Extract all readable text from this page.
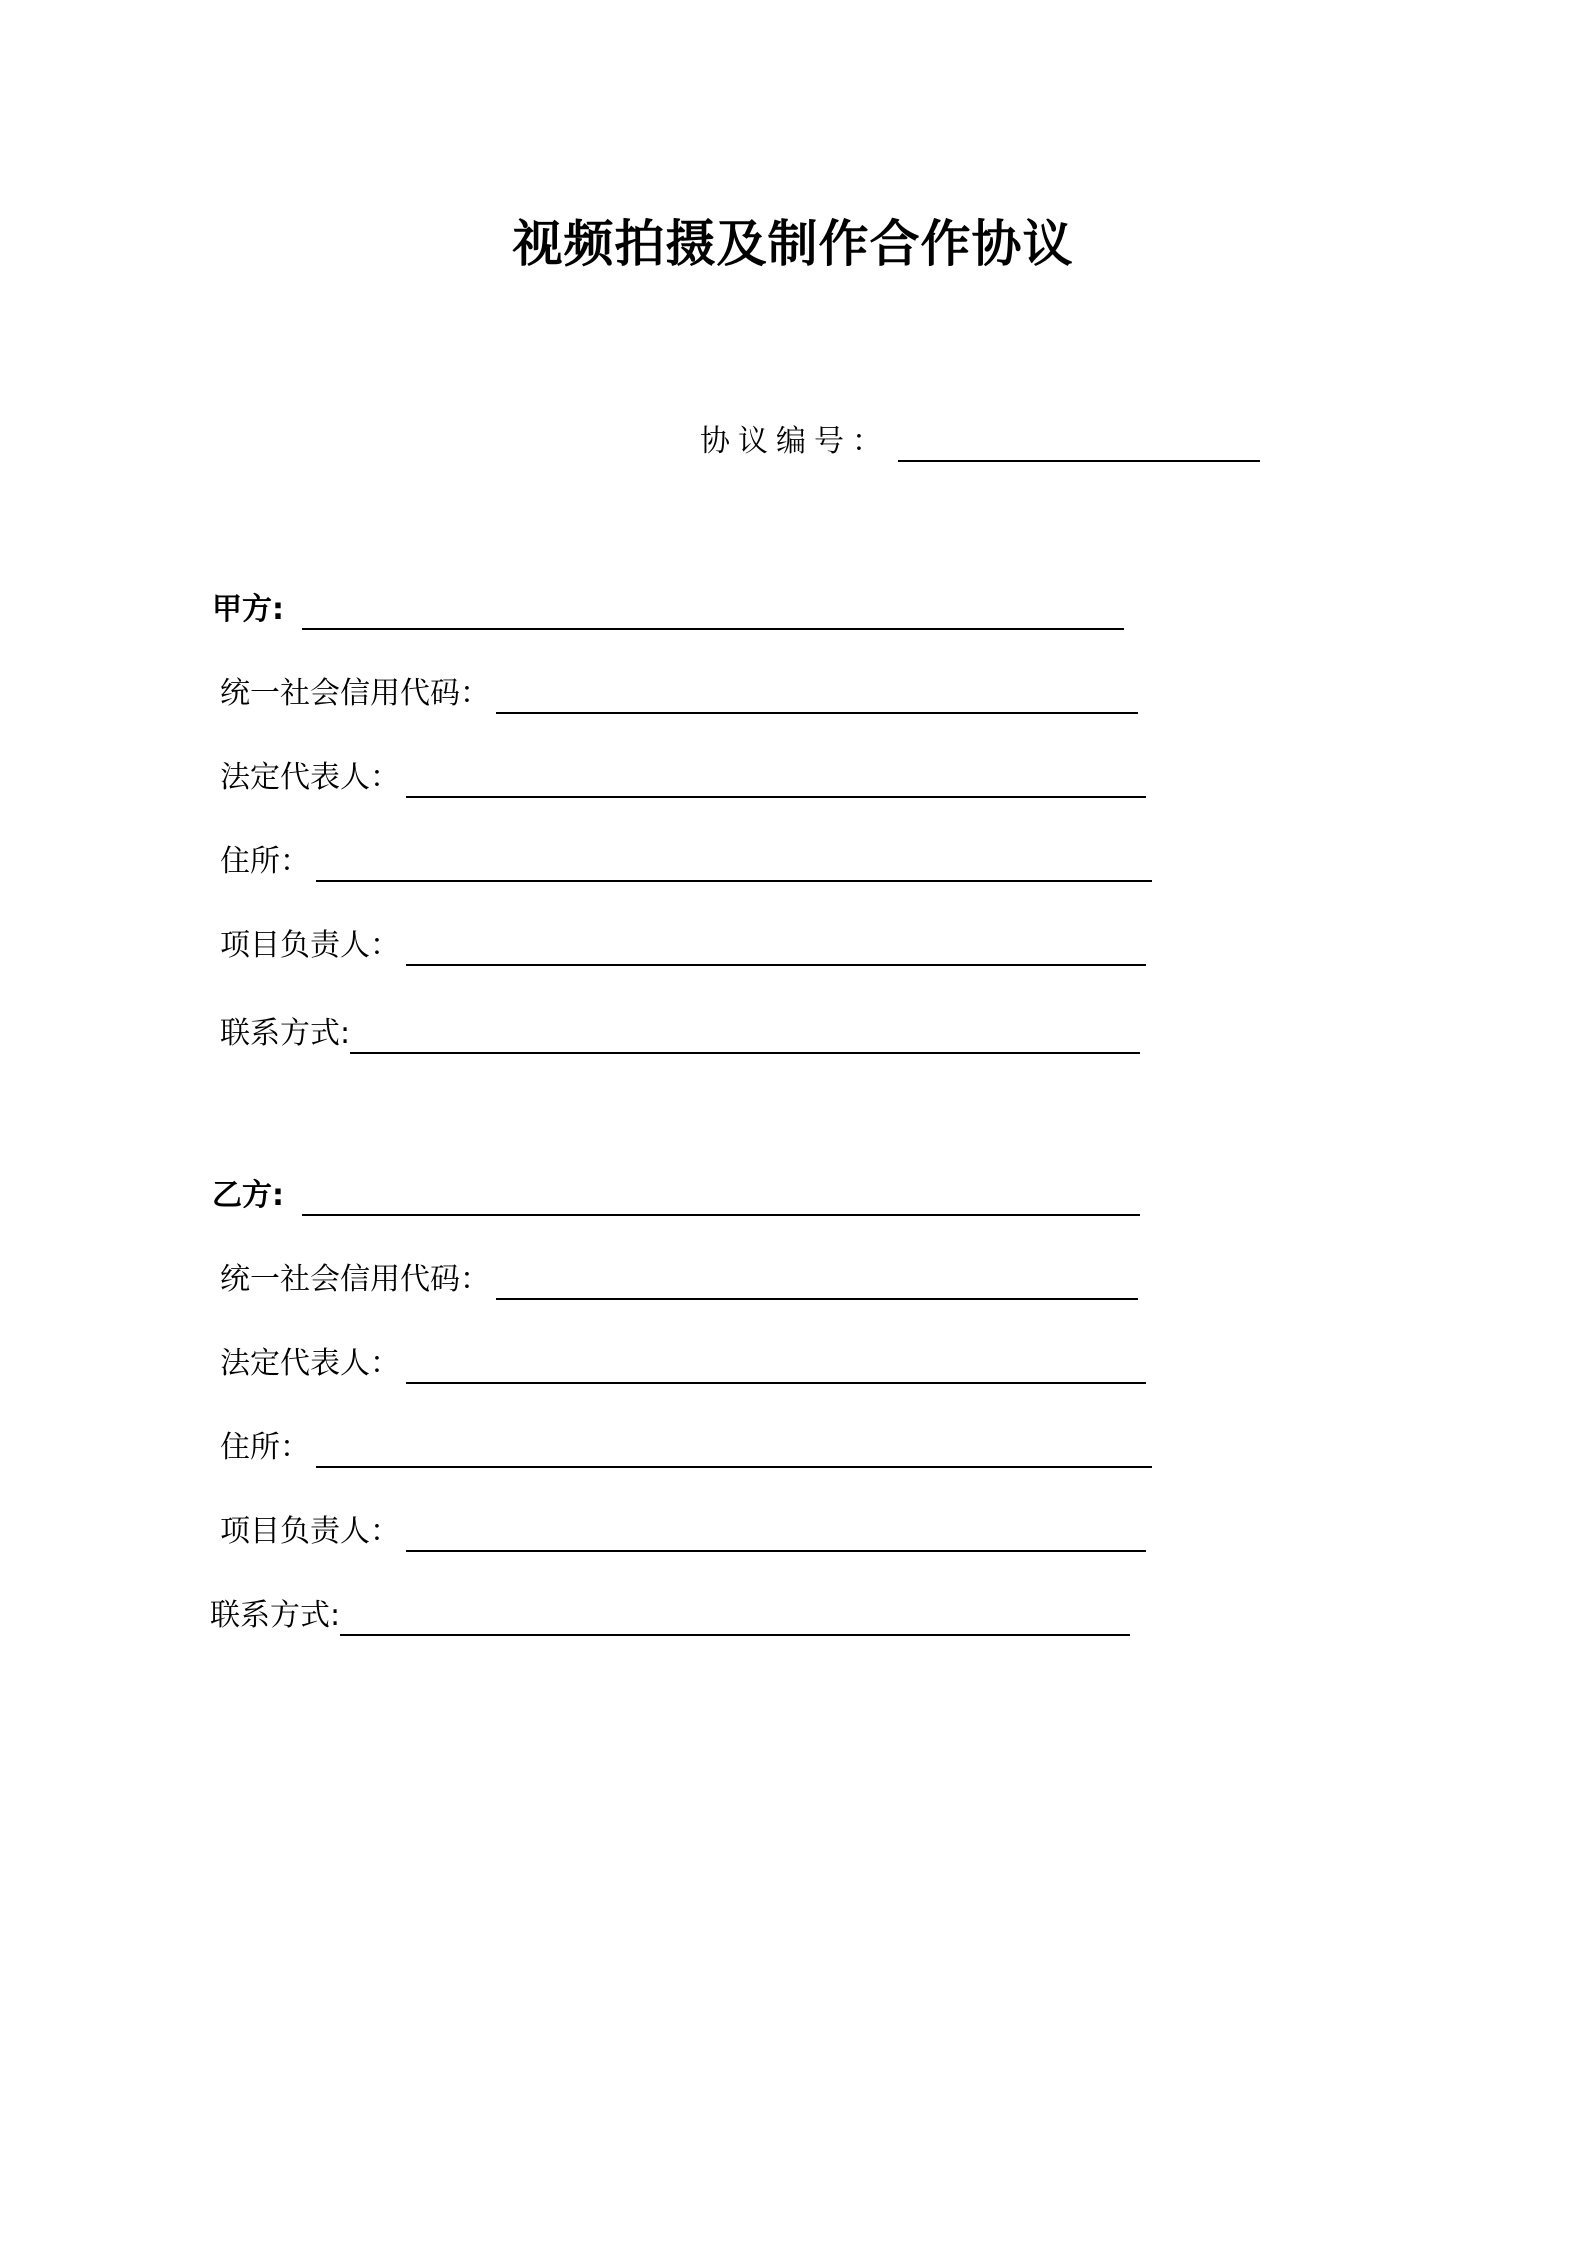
视频拍摄及制作合作协议
协议编号：
甲方:
统一社会信用代码：
法定代表人：
住所：
项目负责人：
联系方式:
乙方:
统一社会信用代码：
法定代表人：
住所：
项目负责人：
联系方式:
